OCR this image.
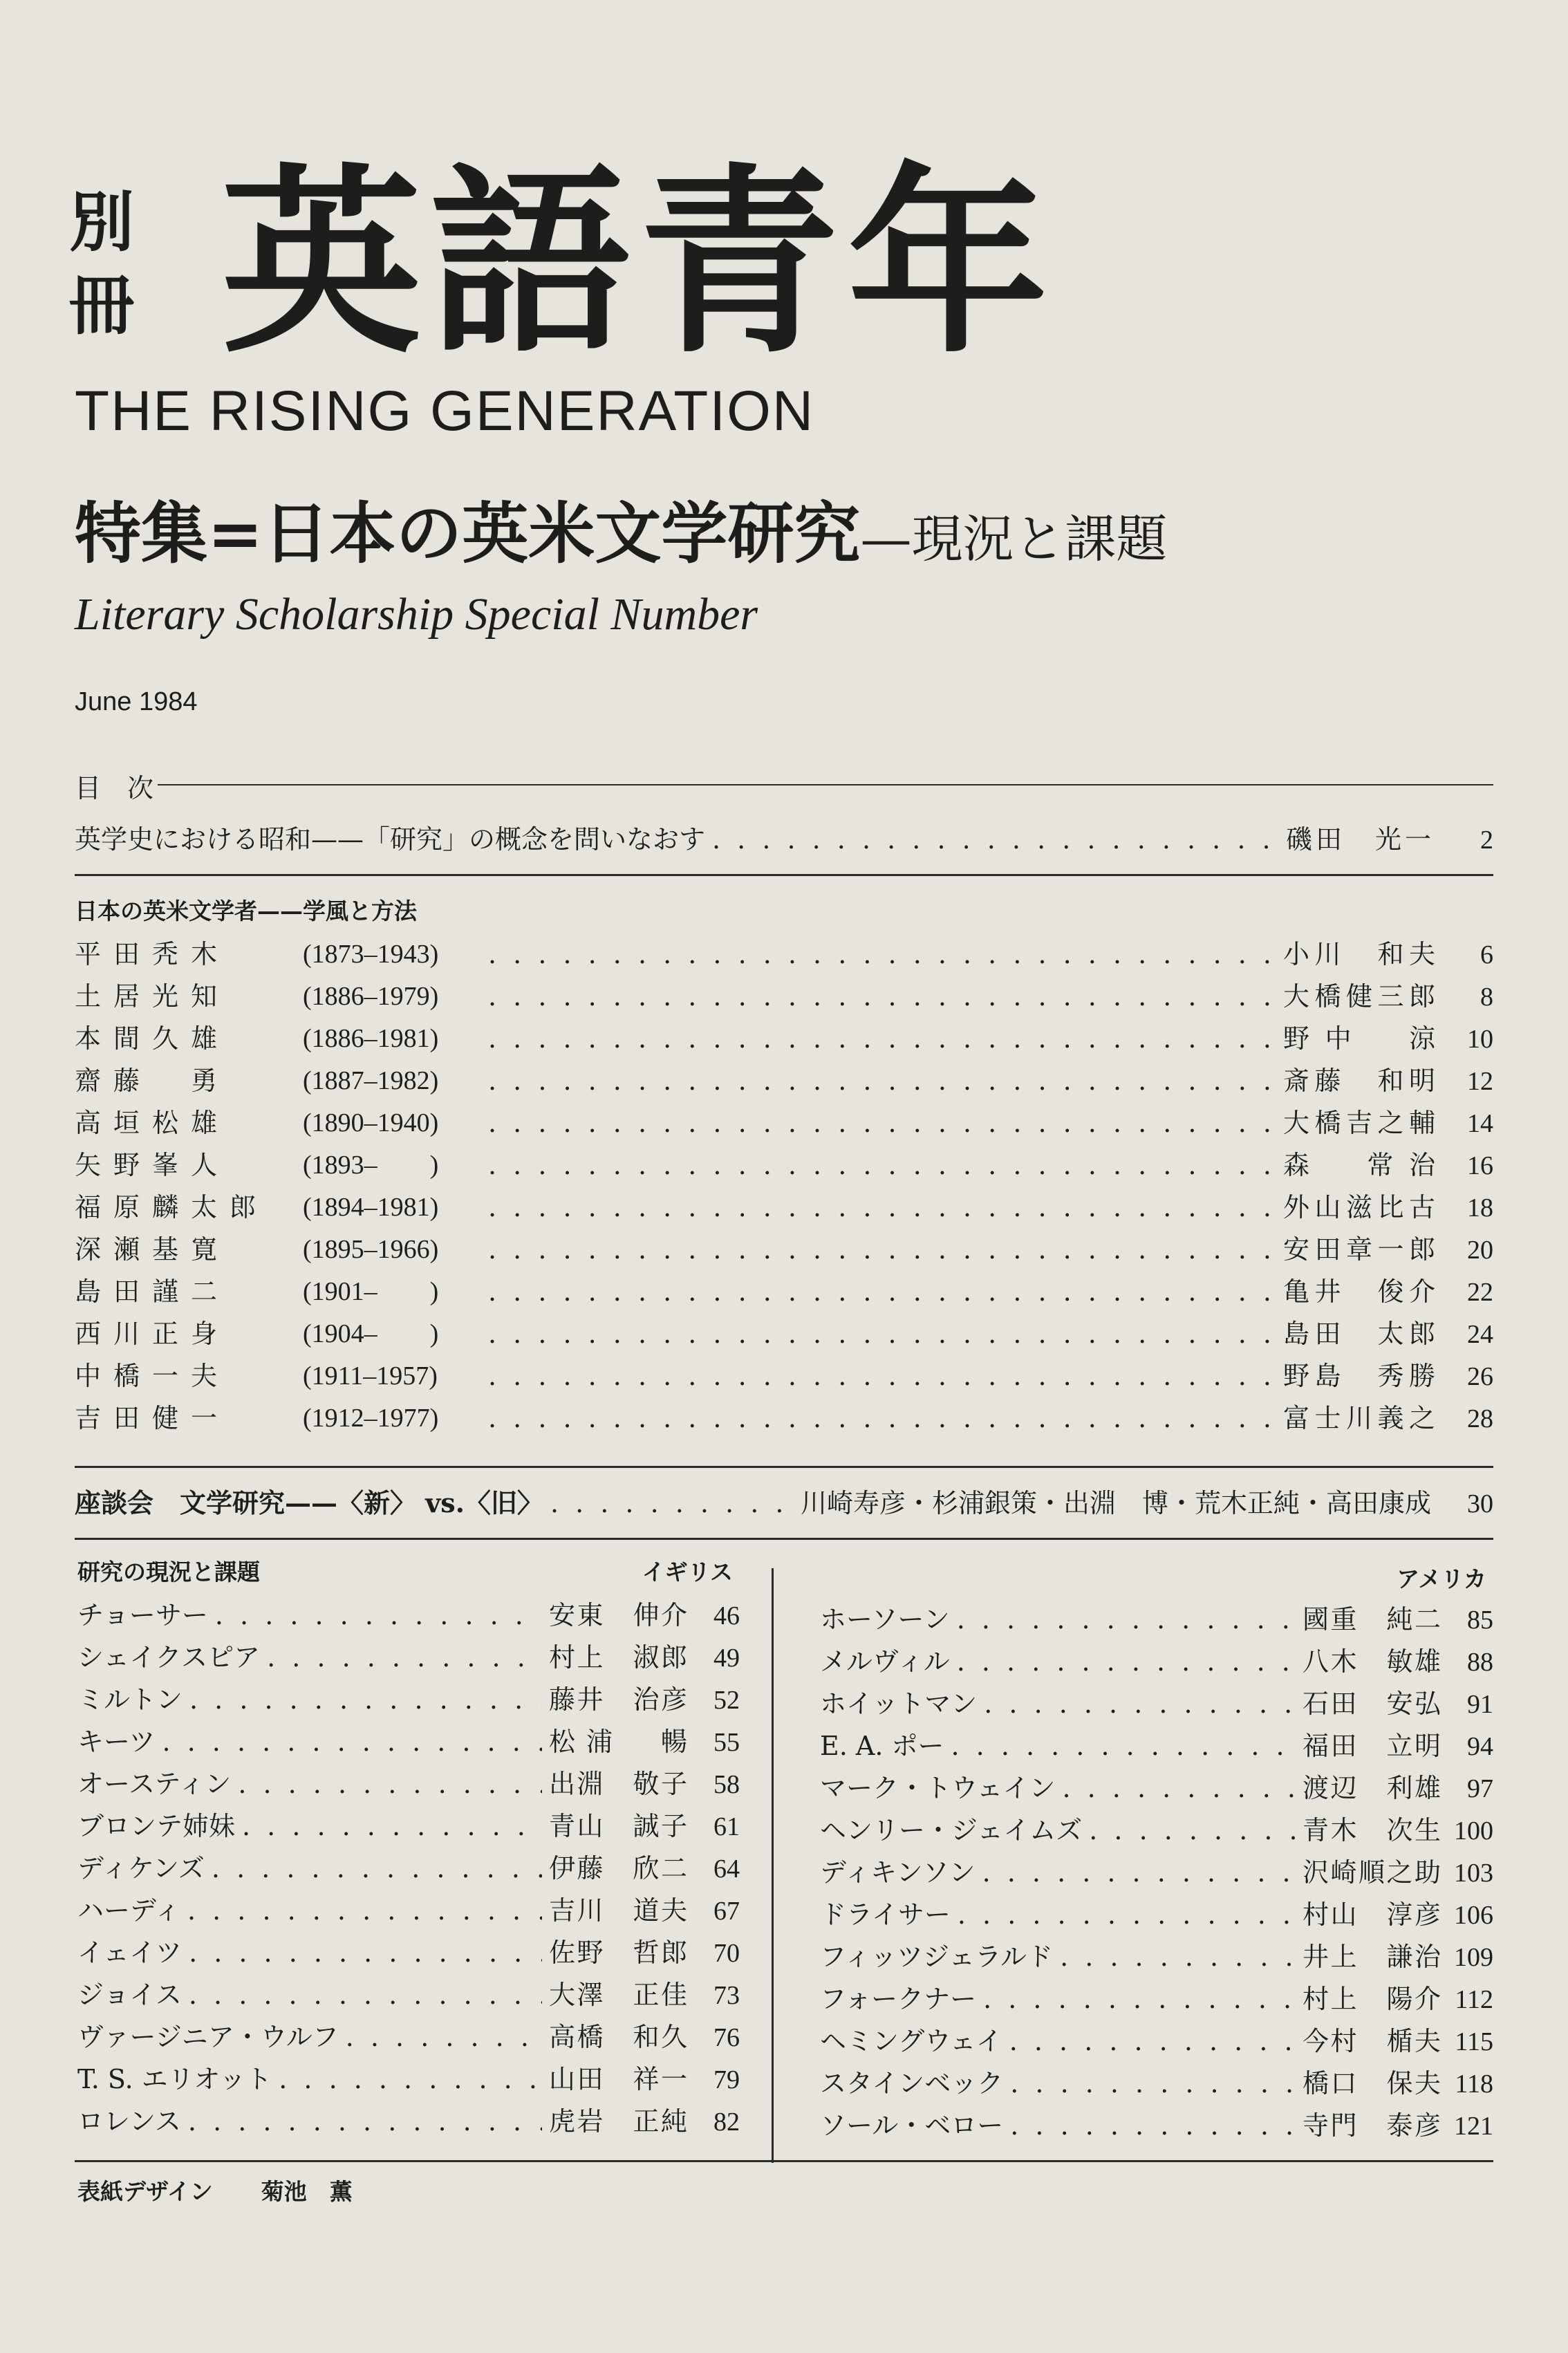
別
冊 英語青年
THE RISING GENERATION
特集=日本の英米文学研究—現況と課題
Literary Scholarship Special Number
June 1984
目　次
英学史における昭和——「研究」の概念を問いなおす . . .	磯田　光一	2
日本の英米文学者——学風と方法
平田秃木	(1873–1943) . . .	小川　和夫	6
土居光知	(1886–1979) . . .	大橋健三郎	8
本間久雄	(1886–1981) . . .	野中　涼	10
齋藤　勇	(1887–1982) . . .	斎藤　和明	12
高垣松雄	(1890–1940) . . .	大橋吉之輔	14
矢野峯人	(1893–　　) . . .	森　常治	16
福原麟太郎	(1894–1981) . . .	外山滋比古	18
深瀬基寛	(1895–1966) . . .	安田章一郎	20
島田謹二	(1901–　　) . . .	亀井　俊介	22
西川正身	(1904–　　) . . .	島田　太郎	24
中橋一夫	(1911–1957) . . .	野島　秀勝	26
吉田健一	(1912–1977) . . .	富士川義之	28
座談会　文学研究——〈新〉 vs.〈旧〉 . . .	川崎寿彦・杉浦銀策・出淵　博・荒木正純・高田康成	30
研究の現況と課題	イギリス	アメリカ
チョーサー . . .	安東　伸介	46
シェイクスピア . . .	村上　淑郎	49
ミルトン . . .	藤井　治彦	52
キーツ . . .	松浦　暢	55
オースティン . . .	出淵　敬子	58
ブロンテ姉妹 . . .	青山　誠子	61
ディケンズ . . .	伊藤　欣二	64
ハーディ . . .	吉川　道夫	67
イェイツ . . .	佐野　哲郎	70
ジョイス . . .	大澤　正佳	73
ヴァージニア・ウルフ . . .	高橋　和久	76
T. S. エリオット . . .	山田　祥一	79
ロレンス . . .	虎岩　正純	82
ホーソーン . . .	國重　純二	85
メルヴィル . . .	八木　敏雄	88
ホイットマン . . .	石田　安弘	91
E. A. ポー . . .	福田　立明	94
マーク・トウェイン . . .	渡辺　利雄	97
ヘンリー・ジェイムズ . . .	青木　次生 100
ディキンソン . . .	沢崎順之助 103
ドライサー . . .	村山　淳彦 106
フィッツジェラルド . . .	井上　謙治 109
フォークナー . . .	村上　陽介 112
ヘミングウェイ . . .	今村　楯夫 115
スタインベック . . .	橋口　保夫 118
ソール・ベロー . . .	寺門　泰彦 121
表紙デザイン 菊池　薫
